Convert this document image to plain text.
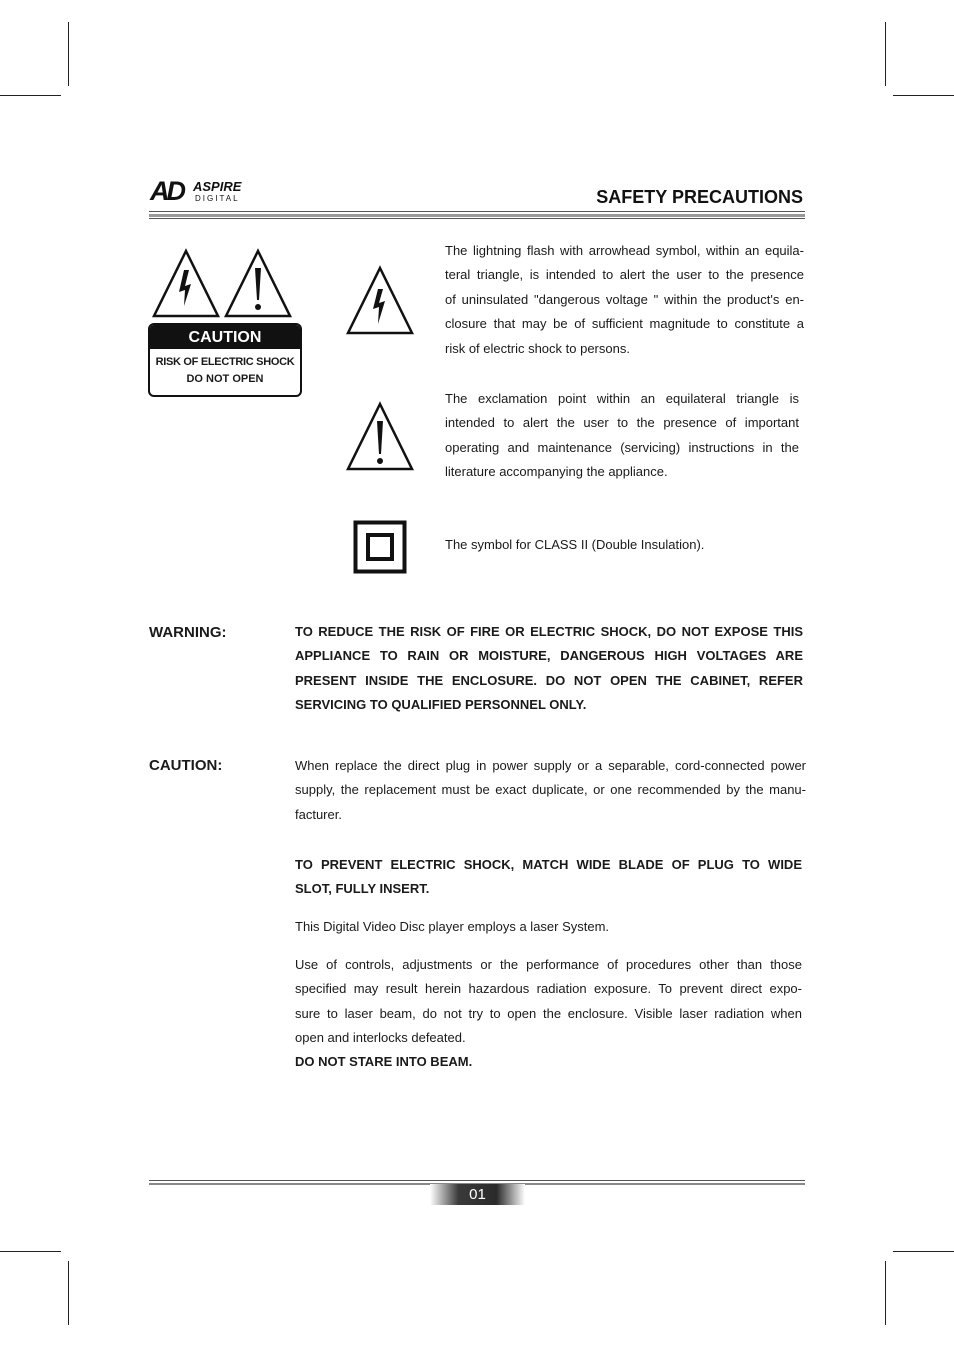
AD ASPIRE
DIGITAL	SAFETY PRECAUTIONS
CAUTION
RISK OF ELECTRIC SHOCK
DO NOT OPEN
The lightning flash with arrowhead symbol, within an equila-
teral triangle, is intended to alert the user to the presence
of uninsulated "dangerous voltage " within the product's en-
closure that may be of sufficient magnitude to constitute a
risk of electric shock to persons.
The exclamation point within an equilateral triangle is
intended to alert the user to the presence of important
operating and maintenance (servicing) instructions in the
literature accompanying the appliance.
The symbol for CLASS II (Double Insulation).
WARNING:	TO REDUCE THE RISK OF FIRE OR ELECTRIC SHOCK, DO NOT EXPOSE THIS
APPLIANCE TO RAIN OR MOISTURE, DANGEROUS HIGH VOLTAGES ARE
PRESENT INSIDE THE ENCLOSURE. DO NOT OPEN THE CABINET, REFER
SERVICING TO QUALIFIED PERSONNEL ONLY.
CAUTION:	When replace the direct plug in power supply or a separable, cord-connected power
supply, the replacement must be exact duplicate, or one recommended by the manu-
facturer.
TO PREVENT ELECTRIC SHOCK, MATCH WIDE BLADE OF PLUG TO WIDE
SLOT, FULLY INSERT.
This Digital Video Disc player employs a laser System.
Use of controls, adjustments or the performance of procedures other than those
specified may result herein hazardous radiation exposure. To prevent direct expo-
sure to laser beam, do not try to open the enclosure. Visible laser radiation when
open and interlocks defeated.
DO NOT STARE INTO BEAM.
01
